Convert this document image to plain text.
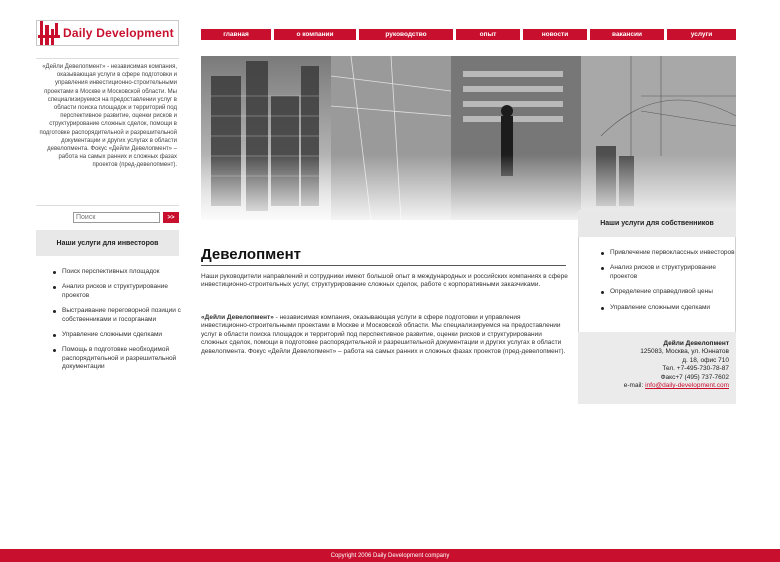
Daily Development	главная	о компании	руководство	опыт	новости	вакансии	услуги
«Дейли Девелопмент» - независимая компания, оказывающая услуги в сфере подготовки и управления инвестиционно-строительными проектами в Москве и Московской области. Мы специализируемся на предоставлении услуг в области поиска площадок и территорий под перспективное развитие, оценки рисков и структурирование сложных сделок, помощи в подготовке распорядительной и разрешительной документации и других услугах в области девелопмента. Фокус «Дейли Девелопмент» – работа на самых ранних и сложных фазах проектов (пред-девелопмент).
Поиск
>>
Наши услуги для инвесторов
Поиск перспективных площадок
Анализ рисков и структурирование проектов
Выстраивание переговорной позиции с собственниками и госорганами
Управление сложными сделками
Помощь в подготовке необходимой распорядительной и разрешительной документации
Наши услуги для собственников
Привлечение первоклассных инвесторов
Анализ рисков и структурирование проектов
Определение справедливой цены
Управление сложными сделками
Дейли Девелопмент
125083, Москва, ул. Юннатов
д. 18, офис 710
Тел. +7-495-730-78-87
Факс+7 (495) 737-7602
e-mail: info@daily-development.com
Девелопмент
Наши руководители направлений и сотрудники имеют большой опыт в международных и российских компаниях в сфере инвестиционно-строительных услуг, структурирование сложных сделок, работе с корпоративными заказчиками.
«Дейли Девелопмент» - независимая компания, оказывающая услуги в сфере подготовки и управления инвестиционно-строительными проектами в Москве и Московской области. Мы специализируемся на предоставлении услуг в области поиска площадок и территорий под перспективное развитие, оценки рисков и структурировании сложных сделок, помощи в подготовке распорядительной и разрешительной документации и других услугах в области девелопмента. Фокус «Дейли Девелопмент» – работа на самых ранних и сложных фазах проектов (пред-девелопмент).
Copyright 2006 Daily Development company
